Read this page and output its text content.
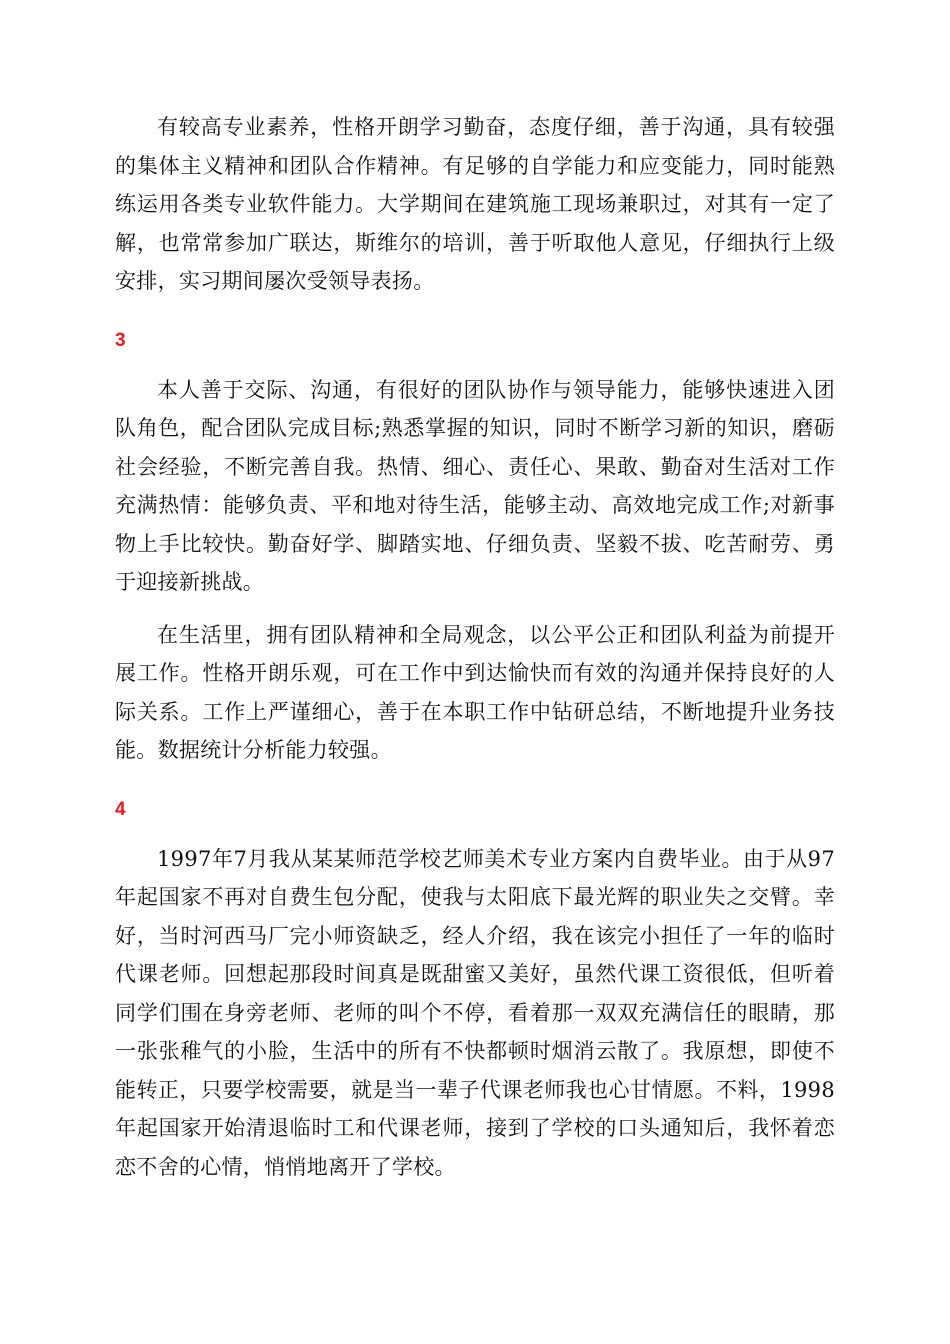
有较高专业素养，性格开朗学习勤奋，态度仔细，善于沟通，具有较强的集体主义精神和团队合作精神。有足够的自学能力和应变能力，同时能熟练运用各类专业软件能力。大学期间在建筑施工现场兼职过，对其有一定了解，也常常参加广联达，斯维尔的培训，善于听取他人意见，仔细执行上级安排，实习期间屡次受领导表扬。

3

本人善于交际、沟通，有很好的团队协作与领导能力，能够快速进入团队角色，配合团队完成目标;熟悉掌握的知识，同时不断学习新的知识，磨砺社会经验，不断完善自我。热情、细心、责任心、果敢、勤奋对生活对工作充满热情：能够负责、平和地对待生活，能够主动、高效地完成工作;对新事物上手比较快。勤奋好学、脚踏实地、仔细负责、坚毅不拔、吃苦耐劳、勇于迎接新挑战。

在生活里，拥有团队精神和全局观念，以公平公正和团队利益为前提开展工作。性格开朗乐观，可在工作中到达愉快而有效的沟通并保持良好的人际关系。工作上严谨细心，善于在本职工作中钻研总结，不断地提升业务技能。数据统计分析能力较强。

4

1997年7月我从某某师范学校艺师美术专业方案内自费毕业。由于从97年起国家不再对自费生包分配，使我与太阳底下最光辉的职业失之交臂。幸好，当时河西马厂完小师资缺乏，经人介绍，我在该完小担任了一年的临时代课老师。回想起那段时间真是既甜蜜又美好，虽然代课工资很低，但听着同学们围在身旁老师、老师的叫个不停，看着那一双双充满信任的眼睛，那一张张稚气的小脸，生活中的所有不快都顿时烟消云散了。我原想，即使不能转正，只要学校需要，就是当一辈子代课老师我也心甘情愿。不料，1998年起国家开始清退临时工和代课老师，接到了学校的口头通知后，我怀着恋恋不舍的心情，悄悄地离开了学校。
